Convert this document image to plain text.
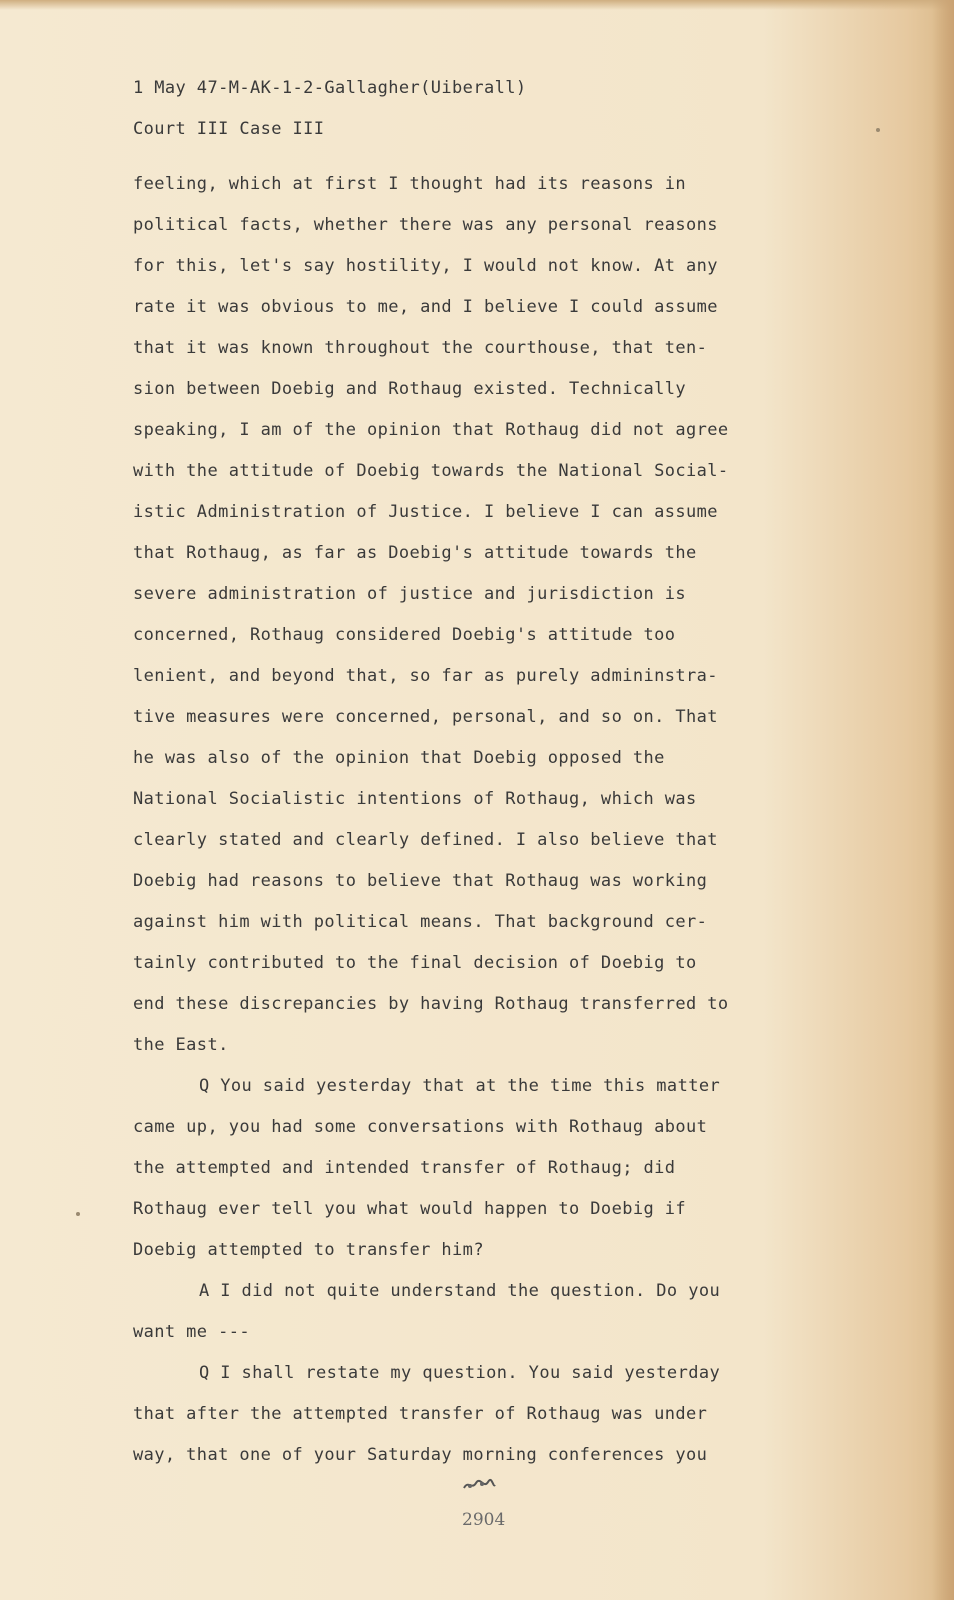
1 May 47-M-AK-1-2-Gallagher(Uiberall)
Court III Case III
feeling, which at first I thought had its reasons in
political facts, whether there was any personal reasons
for this, let's say hostility, I would not know. At any
rate it was obvious to me, and I believe I could assume
that it was known throughout the courthouse, that ten-
sion between Doebig and Rothaug existed. Technically
speaking, I am of the opinion that Rothaug did not agree
with the attitude of Doebig towards the National Social-
istic Administration of Justice. I believe I can assume
that Rothaug, as far as Doebig's attitude towards the
severe administration of justice and jurisdiction is
concerned, Rothaug considered Doebig's attitude too
lenient, and beyond that, so far as purely admininstra-
tive measures were concerned, personal, and so on. That
he was also of the opinion that Doebig opposed the
National Socialistic intentions of Rothaug, which was
clearly stated and clearly defined. I also believe that
Doebig had reasons to believe that Rothaug was working
against him with political means. That background cer-
tainly contributed to the final decision of Doebig to
end these discrepancies by having Rothaug transferred to
the East.
Q You said yesterday that at the time this matter
came up, you had some conversations with Rothaug about
the attempted and intended transfer of Rothaug; did
Rothaug ever tell you what would happen to Doebig if
Doebig attempted to transfer him?
A I did not quite understand the question. Do you
want me ---
Q I shall restate my question. You said yesterday
that after the attempted transfer of Rothaug was under
way, that one of your Saturday morning conferences you
2904
